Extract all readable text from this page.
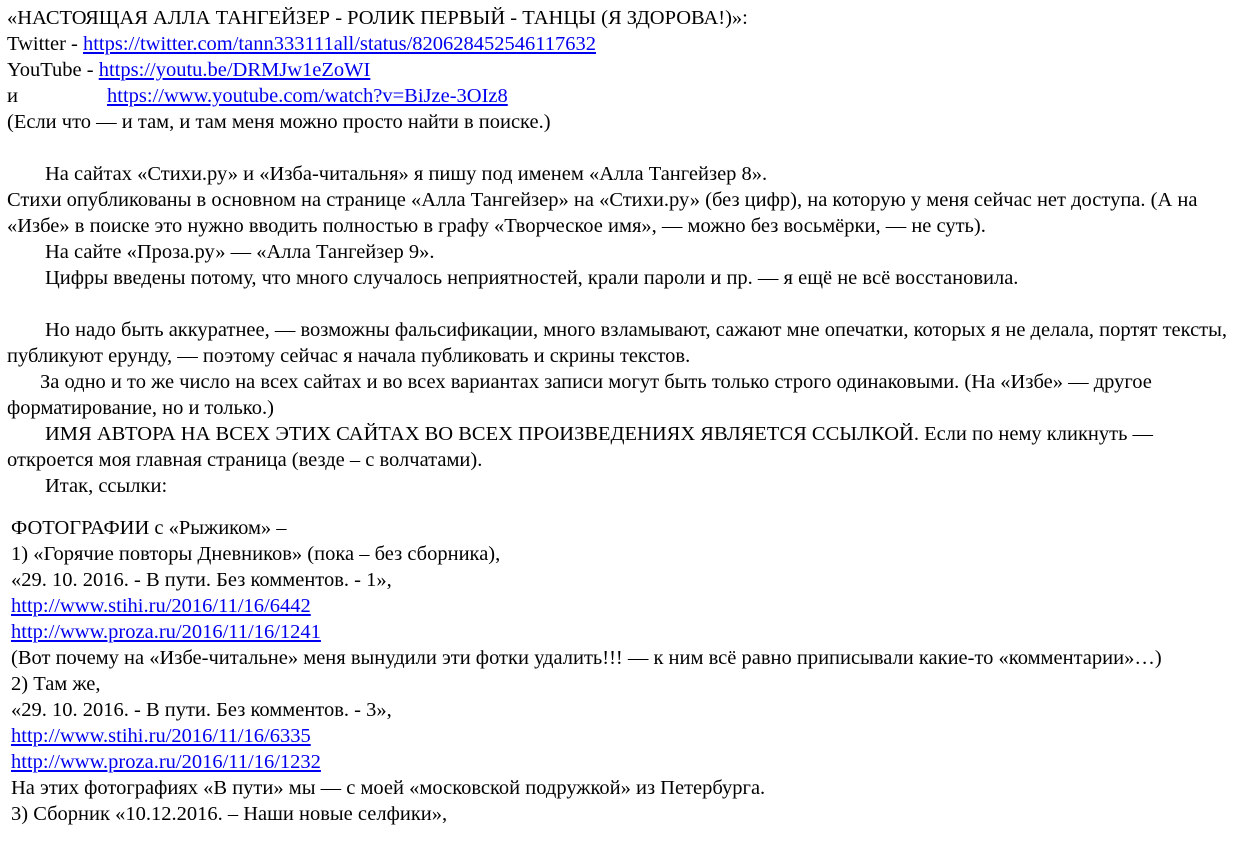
«НАСТОЯЩАЯ АЛЛА ТАНГЕЙЗЕР - РОЛИК ПЕРВЫЙ - ТАНЦЫ (Я ЗДОРОВА!)»:

Twitter - https://twitter.com/tann333111all/status/820628452546117632

YouTube - https://youtu.be/DRMJw1eZoWI

и	https://www.youtube.com/watch?v=BiJze-3OIz8

(Если что — и там, и там меня можно просто найти в поиске.)

На сайтах «Стихи.ру» и «Изба-читальня» я пишу под именем «Алла Тангейзер 8».

Стихи опубликованы в основном на странице «Алла Тангейзер» на «Стихи.ру» (без цифр), на которую у меня сейчас нет доступа. (А на «Избе» в поиске это нужно вводить полностью в графу «Творческое имя», — можно без восьмёрки, — не суть).

На сайте «Проза.ру» — «Алла Тангейзер 9».

Цифры введены потому, что много случалось неприятностей, крали пароли и пр. — я ещё не всё восстановила.

Но надо быть аккуратнее, — возможны фальсификации, много взламывают, сажают мне опечатки, которых я не делала, портят тексты, публикуют ерунду, — поэтому сейчас я начала публиковать и скрины текстов.

За одно и то же число на всех сайтах и во всех вариантах записи могут быть только строго одинаковыми. (На «Избе» — другое форматирование, но и только.)

ИМЯ АВТОРА НА ВСЕХ ЭТИХ САЙТАХ ВО ВСЕХ ПРОИЗВЕДЕНИЯХ ЯВЛЯЕТСЯ ССЫЛКОЙ. Если по нему кликнуть — откроется моя главная страница (везде – с волчатами).

Итак, ссылки:

ФОТОГРАФИИ с «Рыжиком» –

1) «Горячие повторы Дневников» (пока – без сборника),

«29. 10. 2016. - В пути. Без комментов. - 1»,

http://www.stihi.ru/2016/11/16/6442

http://www.proza.ru/2016/11/16/1241

(Вот почему на «Избе-читальне» меня вынудили эти фотки удалить!!! — к ним всё равно приписывали какие-то «комментарии»…)

2) Там же,

«29. 10. 2016. - В пути. Без комментов. - 3»,

http://www.stihi.ru/2016/11/16/6335

http://www.proza.ru/2016/11/16/1232

На этих фотографиях «В пути» мы — с моей «московской подружкой» из Петербурга.

3) Сборник «10.12.2016. – Наши новые селфики»,
